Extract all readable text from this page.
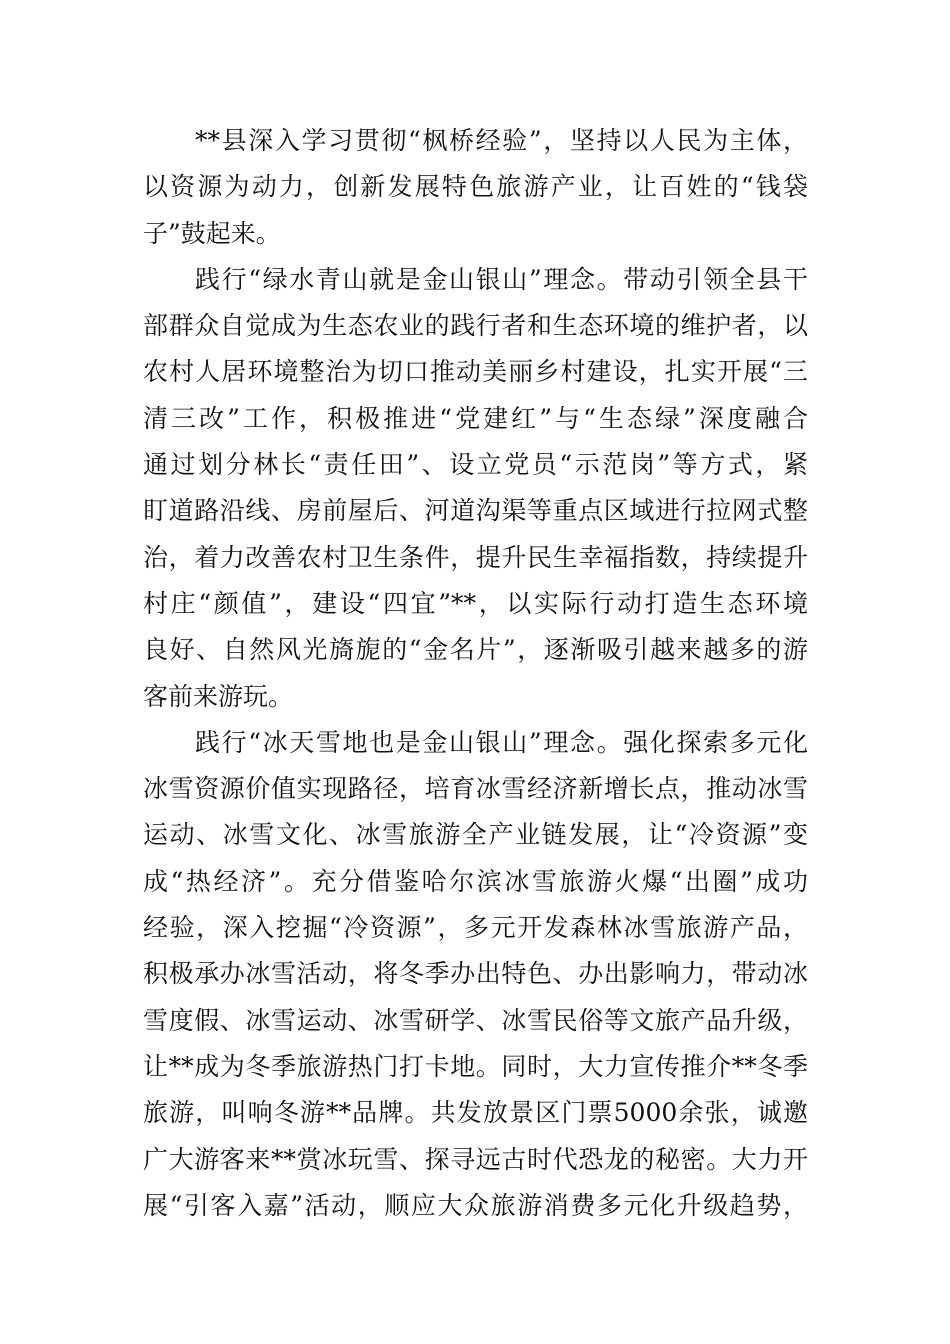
**县深入学习贯彻“枫桥经验”，坚持以人民为主体，
以资源为动力，创新发展特色旅游产业，让百姓的“钱袋
子”鼓起来。
践行“绿水青山就是金山银山”理念。带动引领全县干
部群众自觉成为生态农业的践行者和生态环境的维护者，以
农村人居环境整治为切口推动美丽乡村建设，扎实开展“三
清三改”工作，积极推进“党建红”与“生态绿”深度融合
通过划分林长“责任田”、设立党员“示范岗”等方式，紧
盯道路沿线、房前屋后、河道沟渠等重点区域进行拉网式整
治，着力改善农村卫生条件，提升民生幸福指数，持续提升
村庄“颜值”，建设“四宜”**，以实际行动打造生态环境
良好、自然风光旖旎的“金名片”，逐渐吸引越来越多的游
客前来游玩。
践行“冰天雪地也是金山银山”理念。强化探索多元化
冰雪资源价值实现路径，培育冰雪经济新增长点，推动冰雪
运动、冰雪文化、冰雪旅游全产业链发展，让“冷资源”变
成“热经济”。充分借鉴哈尔滨冰雪旅游火爆“出圈”成功
经验，深入挖掘“冷资源”，多元开发森林冰雪旅游产品，
积极承办冰雪活动，将冬季办出特色、办出影响力，带动冰
雪度假、冰雪运动、冰雪研学、冰雪民俗等文旅产品升级，
让**成为冬季旅游热门打卡地。同时，大力宣传推介**冬季
旅游，叫响冬游**品牌。共发放景区门票5000余张，诚邀
广大游客来**赏冰玩雪、探寻远古时代恐龙的秘密。大力开
展“引客入嘉”活动，顺应大众旅游消费多元化升级趋势，
